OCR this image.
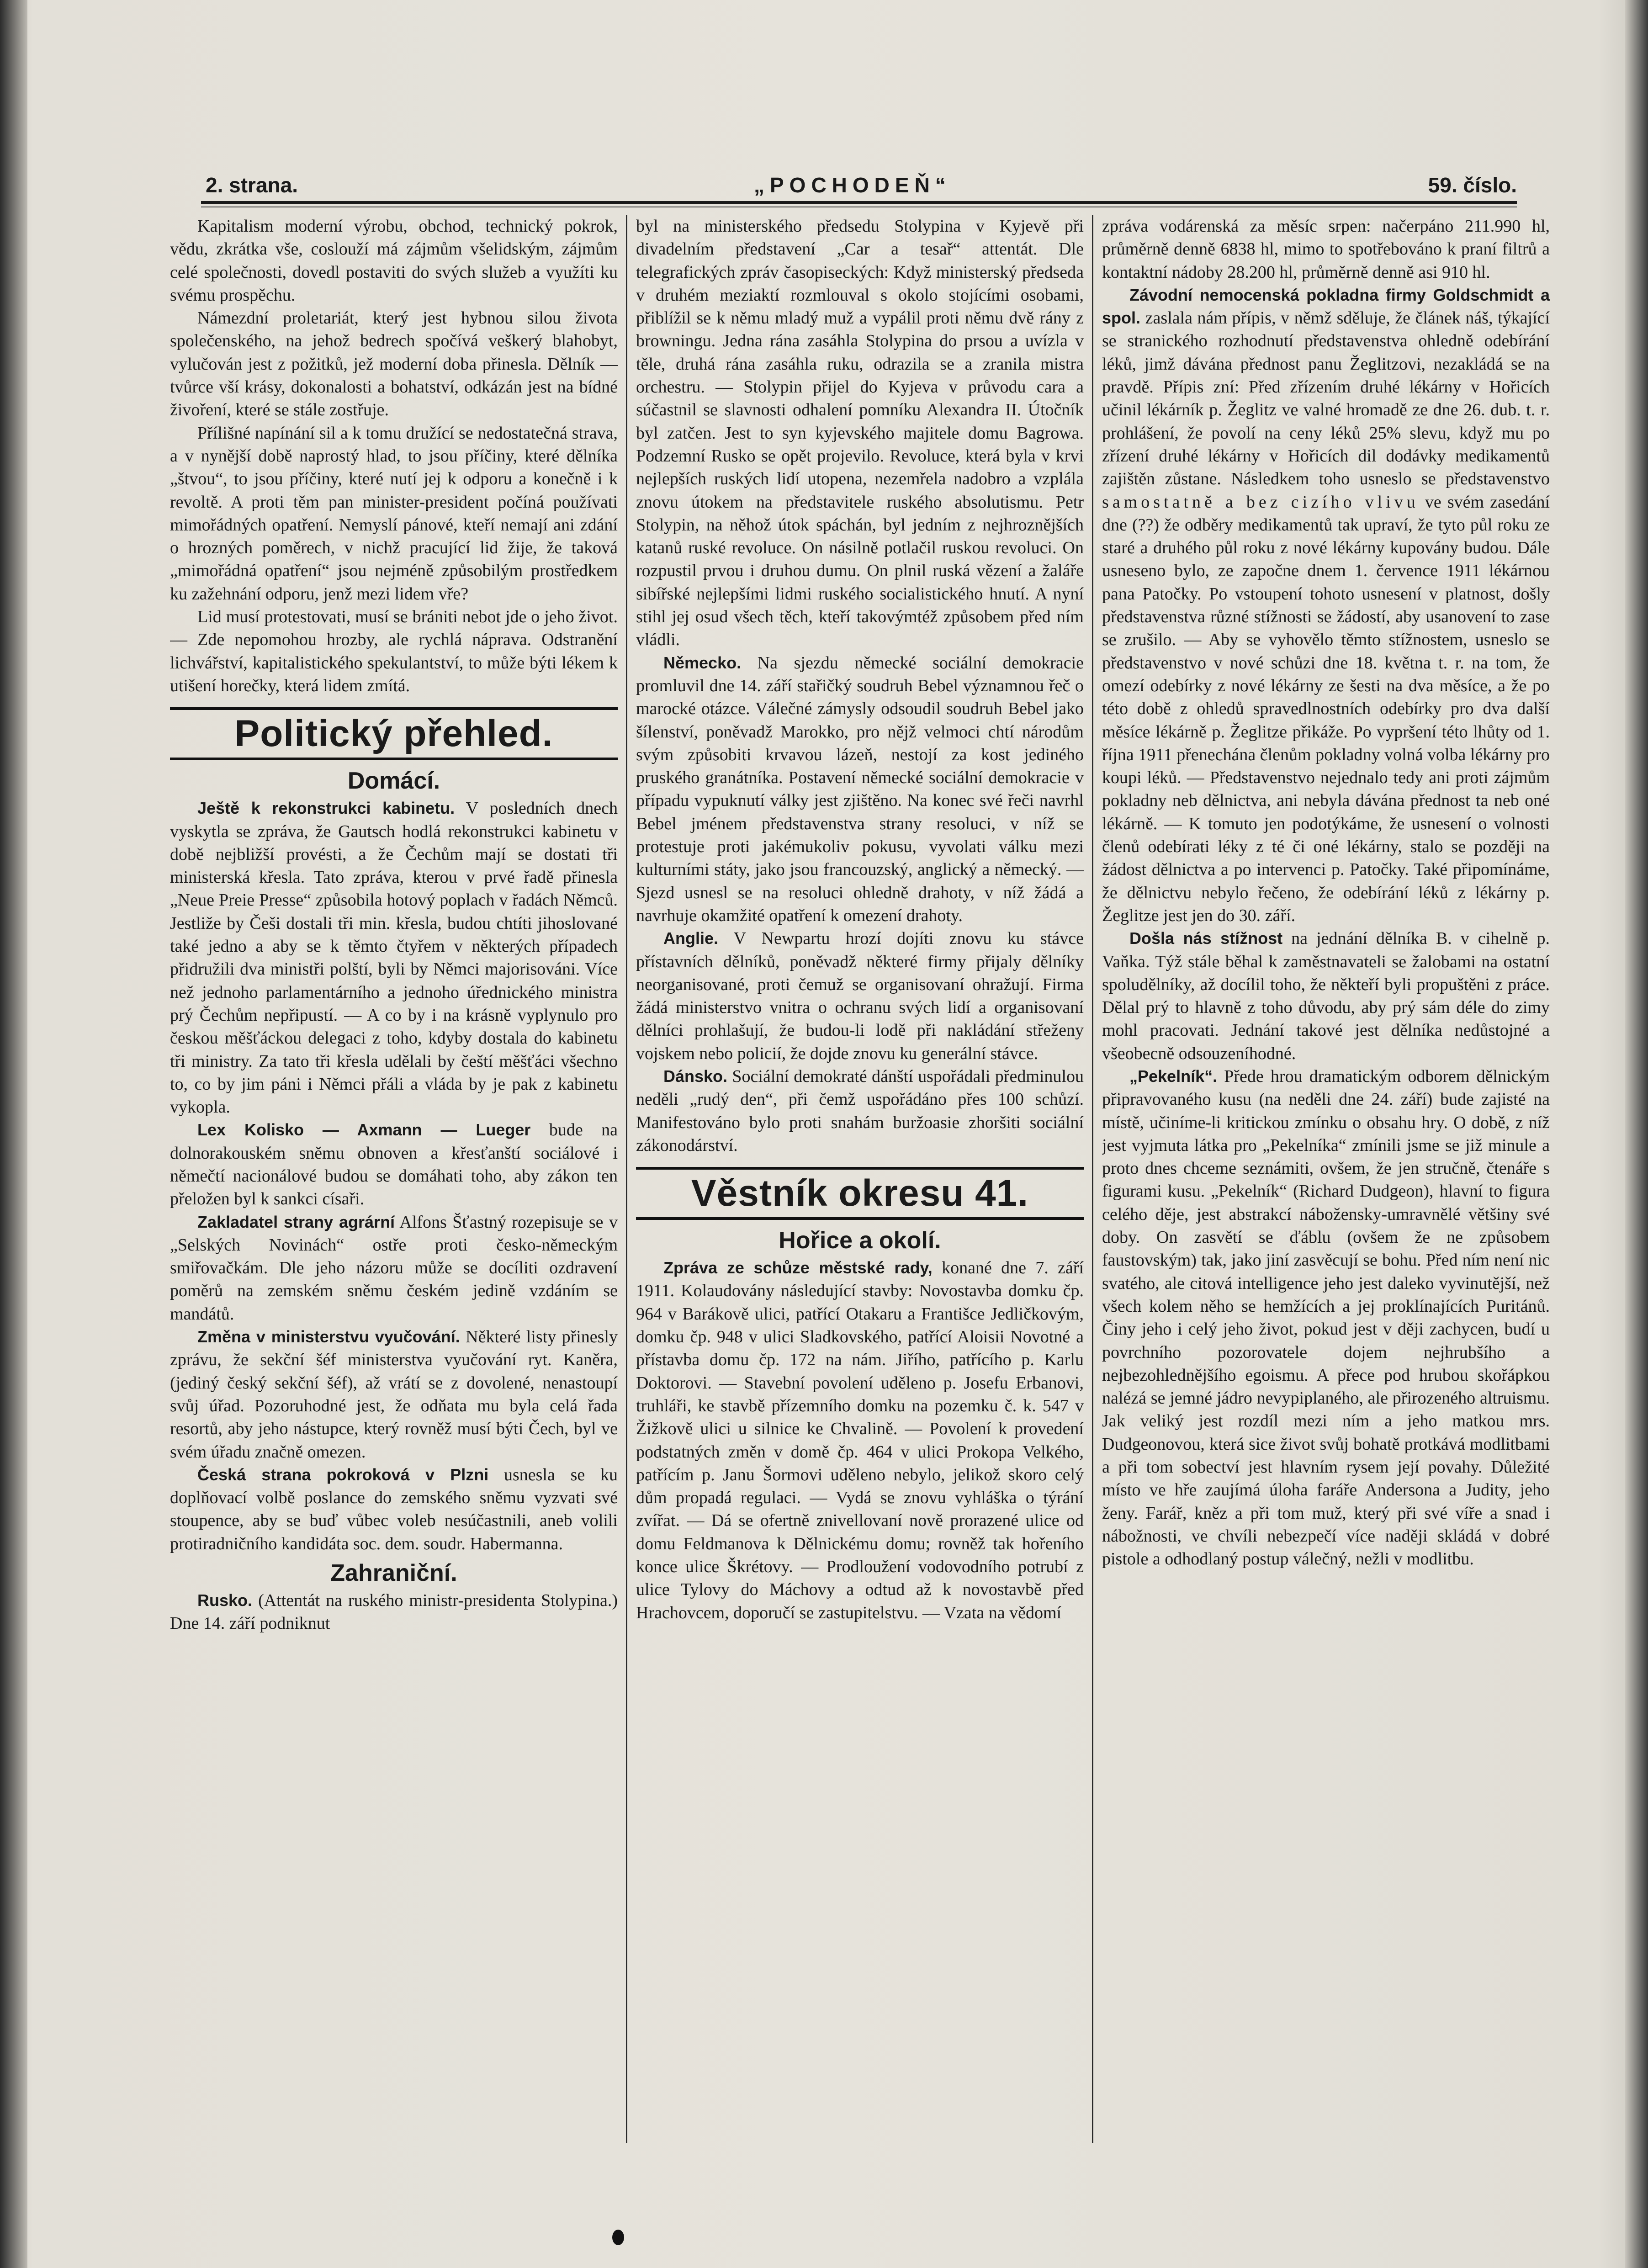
2. strana.	„POCHODEŇ“	59. číslo.

Kapitalism moderní výrobu, obchod, technický pokrok, vědu, zkrátka vše, coslouží má zájmům všelidským, zájmům celé společnosti, dovedl postaviti do svých služeb a využíti ku svému prospěchu.

Námezdní proletariát, který jest hybnou silou života společenského, na jehož bedrech spočívá veškerý blahobyt, vylučován jest z požitků, jež moderní doba přinesla. Dělník — tvůrce vší krásy, dokonalosti a bohatství, odkázán jest na bídné živoření, které se stále zostřuje.

Přílišné napínání sil a k tomu družící se nedostatečná strava, a v nynější době naprostý hlad, to jsou příčiny, které dělníka „štvou“, to jsou příčiny, které nutí jej k odporu a konečně i k revoltě. A proti těm pan minister-president počíná používati mimořádných opatření. Nemyslí pánové, kteří nemají ani zdání o hrozných poměrech, v nichž pracující lid žije, že taková „mimořádná opatření“ jsou nejméně způsobilým prostředkem ku zažehnání odporu, jenž mezi lidem vře?

Lid musí protestovati, musí se brániti nebot jde o jeho život. — Zde nepomohou hrozby, ale rychlá náprava. Odstranění lichvářství, kapitalistického spekulantství, to může býti lékem k utišení horečky, která lidem zmítá.

Politický přehled.
Domácí.

Ještě k rekonstrukci kabinetu. V posledních dnech vyskytla se zpráva, že Gautsch hodlá rekonstrukci kabinetu v době nejbližší provésti, a že Čechům mají se dostati tři ministerská křesla. Tato zpráva, kterou v prvé řadě přinesla „Neue Preie Presse“ způsobila hotový poplach v řadách Němců. Jestliže by Češi dostali tři min. křesla, budou chtíti jihoslované také jedno a aby se k těmto čtyřem v některých případech přidružili dva ministři polští, byli by Němci majorisováni. Více než jednoho parlamentárního a jednoho úřednického ministra prý Čechům nepřipustí. — A co by i na krásně vyplynulo pro českou měšťáckou delegaci z toho, kdyby dostala do kabinetu tři ministry. Za tato tři křesla udělali by čeští měšťáci všechno to, co by jim páni i Němci přáli a vláda by je pak z kabinetu vykopla.

Lex Kolisko — Axmann — Lueger bude na dolnorakouském sněmu obnoven a křesťanští sociálové i němečtí nacionálové budou se domáhati toho, aby zákon ten přeložen byl k sankci císaři.

Zakladatel strany agrární Alfons Šťastný rozepisuje se v „Selských Novinách“ ostře proti česko-německým smiřovačkám. Dle jeho názoru může se docíliti ozdravení poměrů na zemském sněmu českém jedině vzdáním se mandátů.

Změna v ministerstvu vyučování. Některé listy přinesly zprávu, že sekční šéf ministerstva vyučování ryt. Kaněra, (jediný český sekční šéf), až vrátí se z dovolené, nenastoupí svůj úřad. Pozoruhodné jest, že odňata mu byla celá řada resortů, aby jeho nástupce, který rovněž musí býti Čech, byl ve svém úřadu značně omezen.

Česká strana pokroková v Plzni usnesla se ku doplňovací volbě poslance do zemského sněmu vyzvati své stoupence, aby se buď vůbec voleb nesúčastnili, aneb volili protiradničního kandidáta soc. dem. soudr. Habermanna.

Zahraniční.

Rusko. (Attentát na ruského ministr-presidenta Stolypina.) Dne 14. září podniknut

byl na ministerského předsedu Stolypina v Kyjevě při divadelním představení „Car a tesař“ attentát. Dle telegrafických zpráv časopiseckých: Když ministerský předseda v druhém meziaktí rozmlouval s okolo stojícími osobami, přiblížil se k němu mladý muž a vypálil proti němu dvě rány z browningu. Jedna rána zasáhla Stolypina do prsou a uvízla v těle, druhá rána zasáhla ruku, odrazila se a zranila mistra orchestru. — Stolypin přijel do Kyjeva v průvodu cara a súčastnil se slavnosti odhalení pomníku Alexandra II. Útočník byl zatčen. Jest to syn kyjevského majitele domu Bagrowa. Podzemní Rusko se opět projevilo. Revoluce, která byla v krvi nejlepších ruských lidí utopena, nezemřela nadobro a vzplála znovu útokem na představitele ruského absolutismu. Petr Stolypin, na něhož útok spáchán, byl jedním z nejhroznějších katanů ruské revoluce. On násilně potlačil ruskou revoluci. On rozpustil prvou i druhou dumu. On plnil ruská vězení a žaláře sibířské nejlepšími lidmi ruského socialistického hnutí. A nyní stihl jej osud všech těch, kteří takovýmtéž způsobem před ním vládli.

Německo. Na sjezdu německé sociální demokracie promluvil dne 14. září stařičký soudruh Bebel významnou řeč o marocké otázce. Válečné zámysly odsoudil soudruh Bebel jako šílenství, poněvadž Marokko, pro nějž velmoci chtí národům svým způsobiti krvavou lázeň, nestojí za kost jediného pruského granátníka. Postavení německé sociální demokracie v případu vypuknutí války jest zjištěno. Na konec své řeči navrhl Bebel jménem představenstva strany resoluci, v níž se protestuje proti jakémukoliv pokusu, vyvolati válku mezi kulturními státy, jako jsou francouzský, anglický a německý. — Sjezd usnesl se na resoluci ohledně drahoty, v níž žádá a navrhuje okamžité opatření k omezení drahoty.

Anglie. V Newpartu hrozí dojíti znovu ku stávce přístavních dělníků, poněvadž některé firmy přijaly dělníky neorganisované, proti čemuž se organisovaní ohražují. Firma žádá ministerstvo vnitra o ochranu svých lidí a organisovaní dělníci prohlašují, že budou-li lodě při nakládání střeženy vojskem nebo policií, že dojde znovu ku generální stávce.

Dánsko. Sociální demokraté dánští uspořádali předminulou neděli „rudý den“, při čemž uspořádáno přes 100 schůzí. Manifestováno bylo proti snahám buržoasie zhoršiti sociální zákonodárství.

Věstník okresu 41.
Hořice a okolí.

Zpráva ze schůze městské rady, konané dne 7. září 1911. Kolaudovány následující stavby: Novostavba domku čp. 964 v Barákově ulici, patřící Otakaru a Františce Jedličkovým, domku čp. 948 v ulici Sladkovského, patřící Aloisii Novotné a přístavba domu čp. 172 na nám. Jiřího, patřícího p. Karlu Doktorovi. — Stavební povolení uděleno p. Josefu Erbanovi, truhláři, ke stavbě přízemního domku na pozemku č. k. 547 v Žižkově ulici u silnice ke Chvalině. — Povolení k provedení podstatných změn v domě čp. 464 v ulici Prokopa Velkého, patřícím p. Janu Šormovi uděleno nebylo, jelikož skoro celý dům propadá regulaci. — Vydá se znovu vyhláška o týrání zvířat. — Dá se ofertně znivellovaní nově prorazené ulice od domu Feldmanova k Dělnickému domu; rovněž tak hořeního konce ulice Škrétovy. — Prodloužení vodovodního potrubí z ulice Tylovy do Máchovy a odtud až k novostavbě před Hrachovcem, doporučí se zastupitelstvu. — Vzata na vědomí

zpráva vodárenská za měsíc srpen: načerpáno 211.990 hl, průměrně denně 6838 hl, mimo to spotřebováno k praní filtrů a kontaktní nádoby 28.200 hl, průměrně denně asi 910 hl.

Závodní nemocenská pokladna firmy Goldschmidt a spol. zaslala nám přípis, v němž sděluje, že článek náš, týkající se stranického rozhodnutí představenstva ohledně odebírání léků, jimž dávána přednost panu Žeglitzovi, nezakládá se na pravdě. Přípis zní: Před zřízením druhé lékárny v Hořicích učinil lékárník p. Žeglitz ve valné hromadě ze dne 26. dub. t. r. prohlášení, že povolí na ceny léků 25% slevu, když mu po zřízení druhé lékárny v Hořicích dil dodávky medikamentů zajištěn zůstane. Následkem toho usneslo se představenstvo samostatně a bez cizího vlivu ve svém zasedání dne (??) že odběry medikamentů tak upraví, že tyto půl roku ze staré a druhého půl roku z nové lékárny kupovány budou. Dále usneseno bylo, ze započne dnem 1. července 1911 lékárnou pana Patočky. Po vstoupení tohoto usnesení v platnost, došly představenstva různé stížnosti se žádostí, aby usanovení to zase se zrušilo. — Aby se vyhovělo těmto stížnostem, usneslo se představenstvo v nové schůzi dne 18. května t. r. na tom, že omezí odebírky z nové lékárny ze šesti na dva měsíce, a že po této době z ohledů spravedlnostních odebírky pro dva další měsíce lékárně p. Žeglitze přikáže. Po vypršení této lhůty od 1. října 1911 přenechána členům pokladny volná volba lékárny pro koupi léků. — Představenstvo nejednalo tedy ani proti zájmům pokladny neb dělnictva, ani nebyla dávána přednost ta neb oné lékárně. — K tomuto jen podotýkáme, že usnesení o volnosti členů odebírati léky z té či oné lékárny, stalo se později na žádost dělnictva a po intervenci p. Patočky. Také připomínáme, že dělnictvu nebylo řečeno, že odebírání léků z lékárny p. Žeglitze jest jen do 30. září.

Došla nás stížnost na jednání dělníka B. v cihelně p. Vaňka. Týž stále běhal k zaměstnavateli se žalobami na ostatní spoludělníky, až docílil toho, že někteří byli propuštěni z práce. Dělal prý to hlavně z toho důvodu, aby prý sám déle do zimy mohl pracovati. Jednání takové jest dělníka nedůstojné a všeobecně odsouzeníhodné.

„Pekelník“. Přede hrou dramatickým odborem dělnickým připravovaného kusu (na neděli dne 24. září) bude zajisté na místě, učiníme-li kritickou zmínku o obsahu hry. O době, z níž jest vyjmuta látka pro „Pekelníka“ zmínili jsme se již minule a proto dnes chceme seznámiti, ovšem, že jen stručně, čtenáře s figurami kusu. „Pekelník“ (Richard Dudgeon), hlavní to figura celého děje, jest abstrakcí nábožensky-umravnělé většiny své doby. On zasvětí se ďáblu (ovšem že ne způsobem faustovským) tak, jako jiní zasvěcují se bohu. Před ním není nic svatého, ale citová intelligence jeho jest daleko vyvinutější, než všech kolem něho se hemžících a jej proklínajících Puritánů. Činy jeho i celý jeho život, pokud jest v ději zachycen, budí u povrchního pozorovatele dojem nejhrubšího a nejbezohlednějšího egoismu. A přece pod hrubou skořápkou nalézá se jemné jádro nevypiplaného, ale přirozeného altruismu. Jak veliký jest rozdíl mezi ním a jeho matkou mrs. Dudgeonovou, která sice život svůj bohatě protkává modlitbami a při tom sobectví jest hlavním rysem její povahy. Důležité místo ve hře zaujímá úloha faráře Andersona a Judity, jeho ženy. Farář, kněz a při tom muž, který při své víře a snad i nábožnosti, ve chvíli nebezpečí více naději skládá v dobré pistole a odhodlaný postup válečný, nežli v modlitbu.
